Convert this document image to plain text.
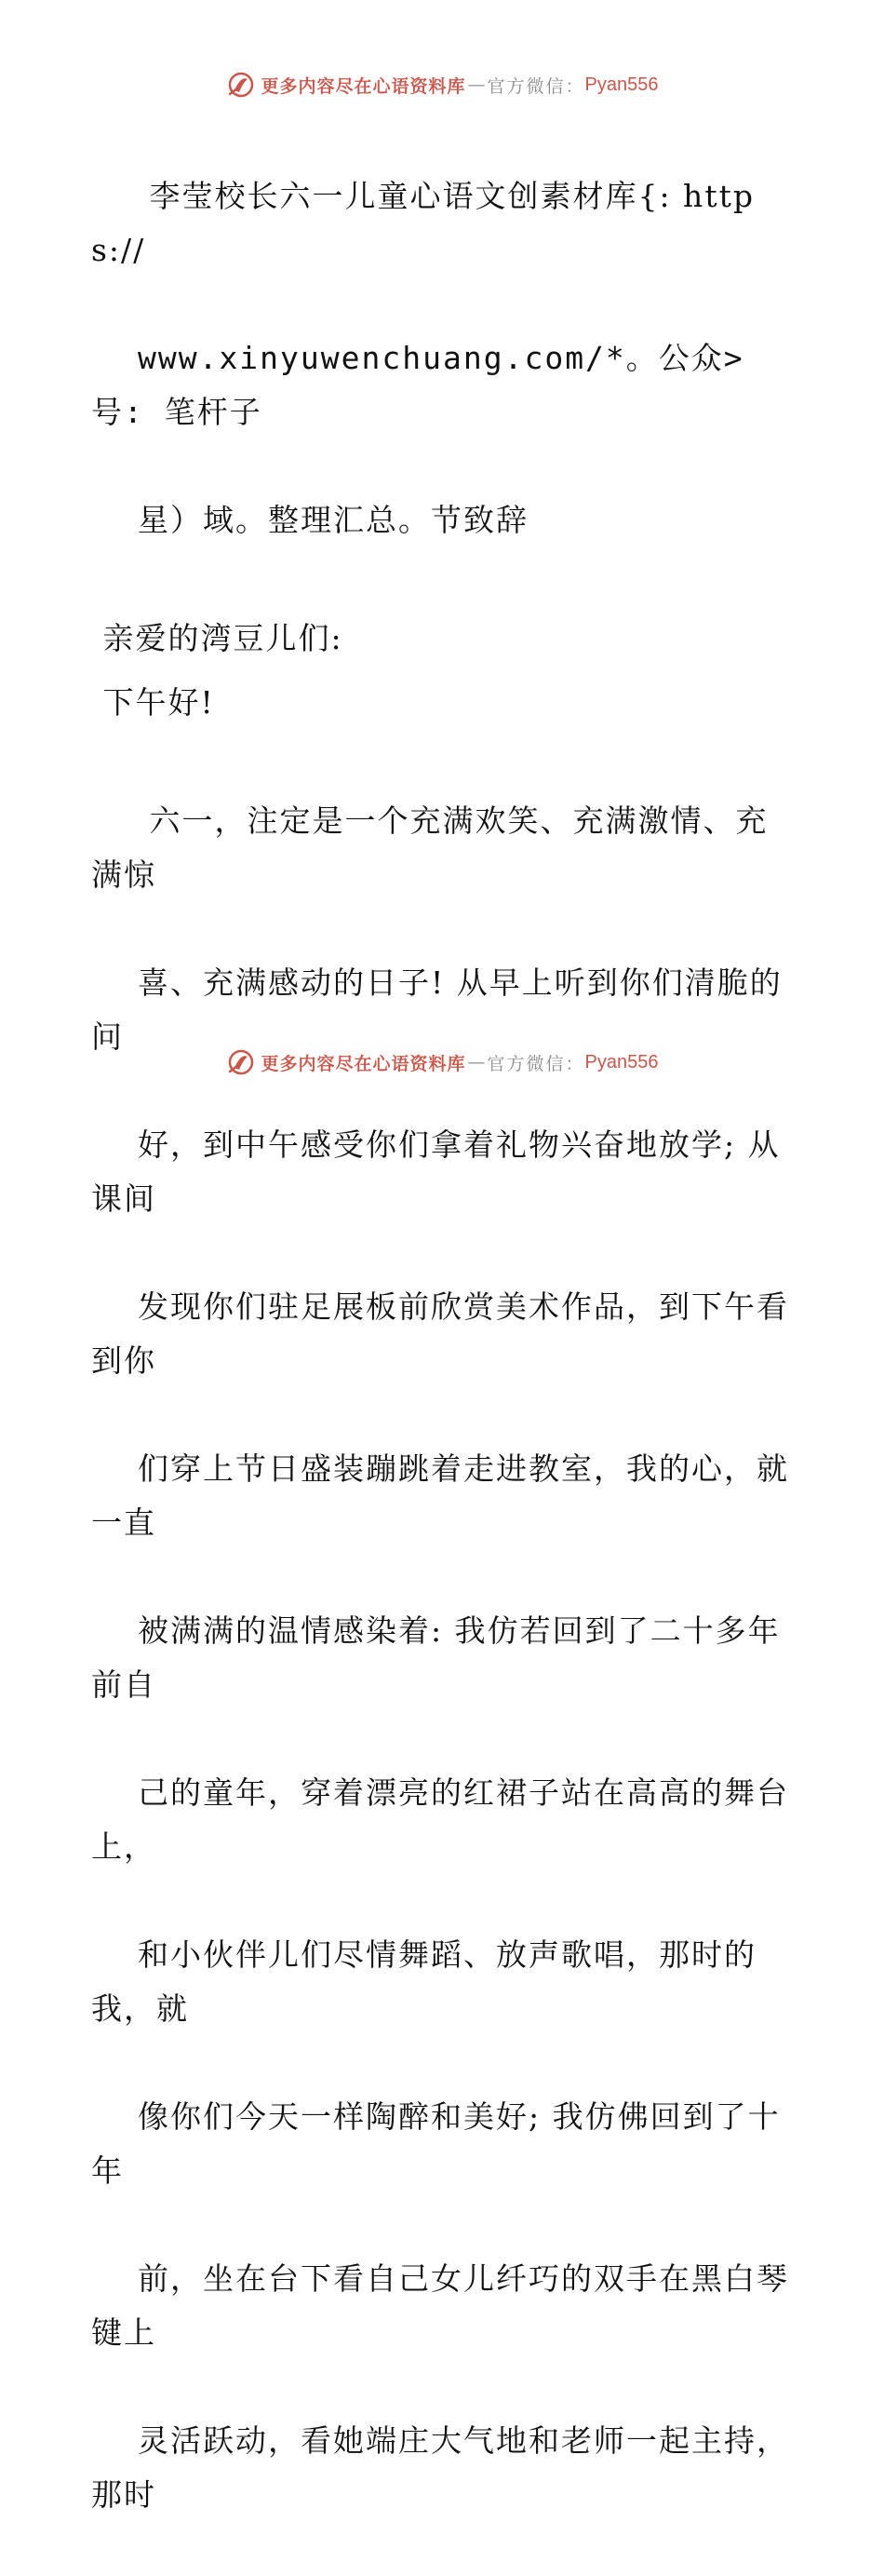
更多内容尽在心语资料库 — 官方微信： Pyan556

李莹校长六一儿童心语文创素材库{: https://

www.xinyuwenchuang.com/*。公众>号: 笔杆子

星）域。整理汇总。节致辞

亲爱的湾豆儿们:

下午好!

六一，注定是一个充满欢笑、充满激情、充满惊

喜、充满感动的日子! 从早上听到你们清脆的问

好，到中午感受你们拿着礼物兴奋地放学; 从课间

发现你们驻足展板前欣赏美术作品，到下午看到你

们穿上节日盛装蹦跳着走进教室，我的心，就一直

被满满的温情感染着: 我仿若回到了二十多年前自

己的童年，穿着漂亮的红裙子站在高高的舞台上，

和小伙伴儿们尽情舞蹈、放声歌唱，那时的我，就

像你们今天一样陶醉和美好; 我仿佛回到了十年

前，坐在台下看自己女儿纤巧的双手在黑白琴键上

灵活跃动，看她端庄大气地和老师一起主持，那时

更多内容尽在心语资料库 — 官方微信： Pyan556
